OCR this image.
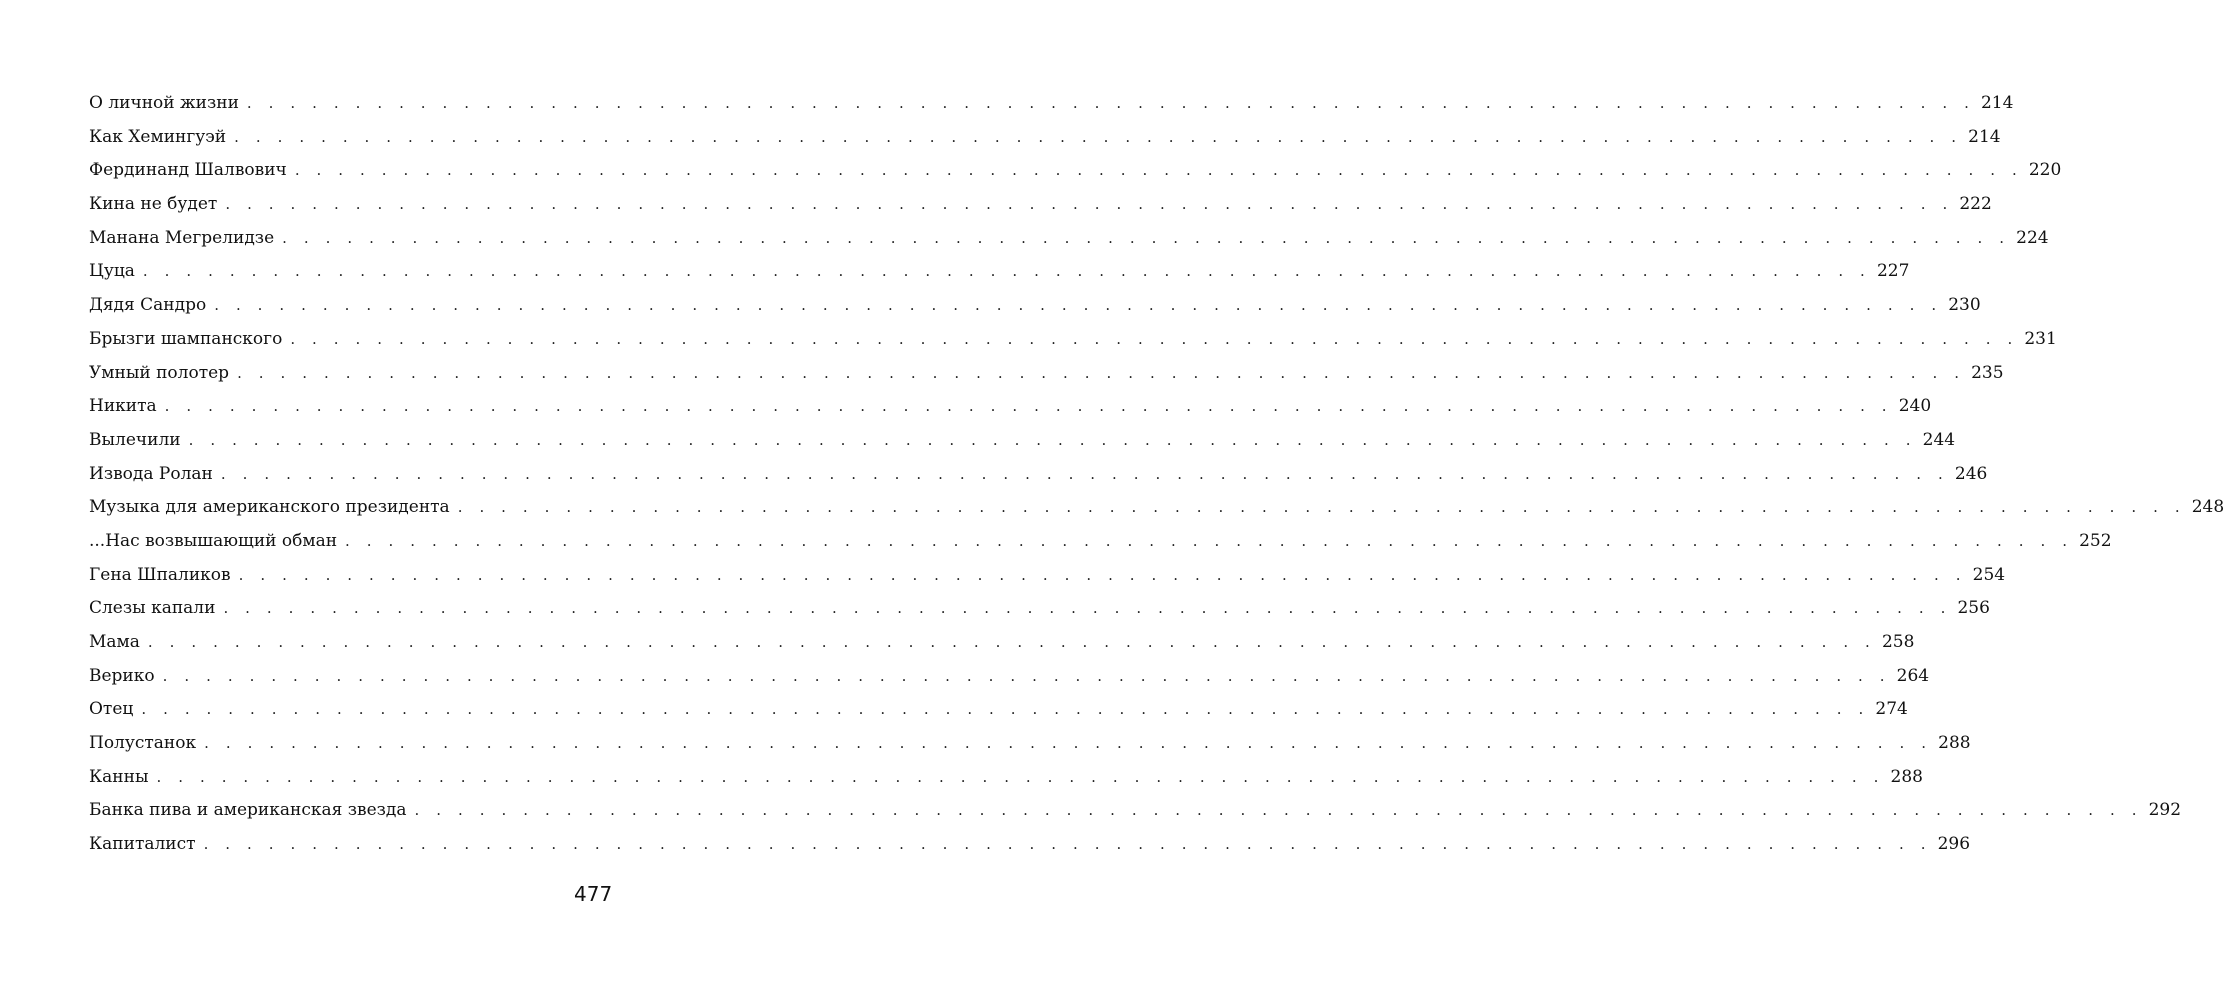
О личной жизни . . . . . . . . . . . . . . . . . . . . . . . . . . . . . . . . . . . . . . . . . . . . . . . . . . . . . . . . . . . . . . . . . . . . . . . . . . . . . . . . 214
Как Хемингуэй . . . . . . . . . . . . . . . . . . . . . . . . . . . . . . . . . . . . . . . . . . . . . . . . . . . . . . . . . . . . . . . . . . . . . . . . . . . . . . . . 214
Фердинанд Шалвович . . . . . . . . . . . . . . . . . . . . . . . . . . . . . . . . . . . . . . . . . . . . . . . . . . . . . . . . . . . . . . . . . . . . . . . . . . . . . . . . 220
Кина не будет . . . . . . . . . . . . . . . . . . . . . . . . . . . . . . . . . . . . . . . . . . . . . . . . . . . . . . . . . . . . . . . . . . . . . . . . . . . . . . . . 222
Манана Мегрелидзе . . . . . . . . . . . . . . . . . . . . . . . . . . . . . . . . . . . . . . . . . . . . . . . . . . . . . . . . . . . . . . . . . . . . . . . . . . . . . . . . 224
Цуца . . . . . . . . . . . . . . . . . . . . . . . . . . . . . . . . . . . . . . . . . . . . . . . . . . . . . . . . . . . . . . . . . . . . . . . . . . . . . . . . 227
Дядя Сандро . . . . . . . . . . . . . . . . . . . . . . . . . . . . . . . . . . . . . . . . . . . . . . . . . . . . . . . . . . . . . . . . . . . . . . . . . . . . . . . . 230
Брызги шампанского . . . . . . . . . . . . . . . . . . . . . . . . . . . . . . . . . . . . . . . . . . . . . . . . . . . . . . . . . . . . . . . . . . . . . . . . . . . . . . . . 231
Умный полотер . . . . . . . . . . . . . . . . . . . . . . . . . . . . . . . . . . . . . . . . . . . . . . . . . . . . . . . . . . . . . . . . . . . . . . . . . . . . . . . . 235
Никита . . . . . . . . . . . . . . . . . . . . . . . . . . . . . . . . . . . . . . . . . . . . . . . . . . . . . . . . . . . . . . . . . . . . . . . . . . . . . . . . 240
Вылечили . . . . . . . . . . . . . . . . . . . . . . . . . . . . . . . . . . . . . . . . . . . . . . . . . . . . . . . . . . . . . . . . . . . . . . . . . . . . . . . . 244
Извода Ролан . . . . . . . . . . . . . . . . . . . . . . . . . . . . . . . . . . . . . . . . . . . . . . . . . . . . . . . . . . . . . . . . . . . . . . . . . . . . . . . . 246
Музыка для американского президента . . . . . . . . . . . . . . . . . . . . . . . . . . . . . . . . . . . . . . . . . . . . . . . . . . . . . . . . . . . . . . . . . . . . . . . . . . . . . . . . 248
...Нас возвышающий обман . . . . . . . . . . . . . . . . . . . . . . . . . . . . . . . . . . . . . . . . . . . . . . . . . . . . . . . . . . . . . . . . . . . . . . . . . . . . . . . . 252
Гена Шпаликов . . . . . . . . . . . . . . . . . . . . . . . . . . . . . . . . . . . . . . . . . . . . . . . . . . . . . . . . . . . . . . . . . . . . . . . . . . . . . . . . 254
Слезы капали . . . . . . . . . . . . . . . . . . . . . . . . . . . . . . . . . . . . . . . . . . . . . . . . . . . . . . . . . . . . . . . . . . . . . . . . . . . . . . . . 256
Мама . . . . . . . . . . . . . . . . . . . . . . . . . . . . . . . . . . . . . . . . . . . . . . . . . . . . . . . . . . . . . . . . . . . . . . . . . . . . . . . . 258
Верико . . . . . . . . . . . . . . . . . . . . . . . . . . . . . . . . . . . . . . . . . . . . . . . . . . . . . . . . . . . . . . . . . . . . . . . . . . . . . . . . 264
Отец . . . . . . . . . . . . . . . . . . . . . . . . . . . . . . . . . . . . . . . . . . . . . . . . . . . . . . . . . . . . . . . . . . . . . . . . . . . . . . . . 274
Полустанок . . . . . . . . . . . . . . . . . . . . . . . . . . . . . . . . . . . . . . . . . . . . . . . . . . . . . . . . . . . . . . . . . . . . . . . . . . . . . . . . 288
Канны . . . . . . . . . . . . . . . . . . . . . . . . . . . . . . . . . . . . . . . . . . . . . . . . . . . . . . . . . . . . . . . . . . . . . . . . . . . . . . . . 288
Банка пива и американская звезда . . . . . . . . . . . . . . . . . . . . . . . . . . . . . . . . . . . . . . . . . . . . . . . . . . . . . . . . . . . . . . . . . . . . . . . . . . . . . . . . 292
Капиталист . . . . . . . . . . . . . . . . . . . . . . . . . . . . . . . . . . . . . . . . . . . . . . . . . . . . . . . . . . . . . . . . . . . . . . . . . . . . . . . . 296
477
